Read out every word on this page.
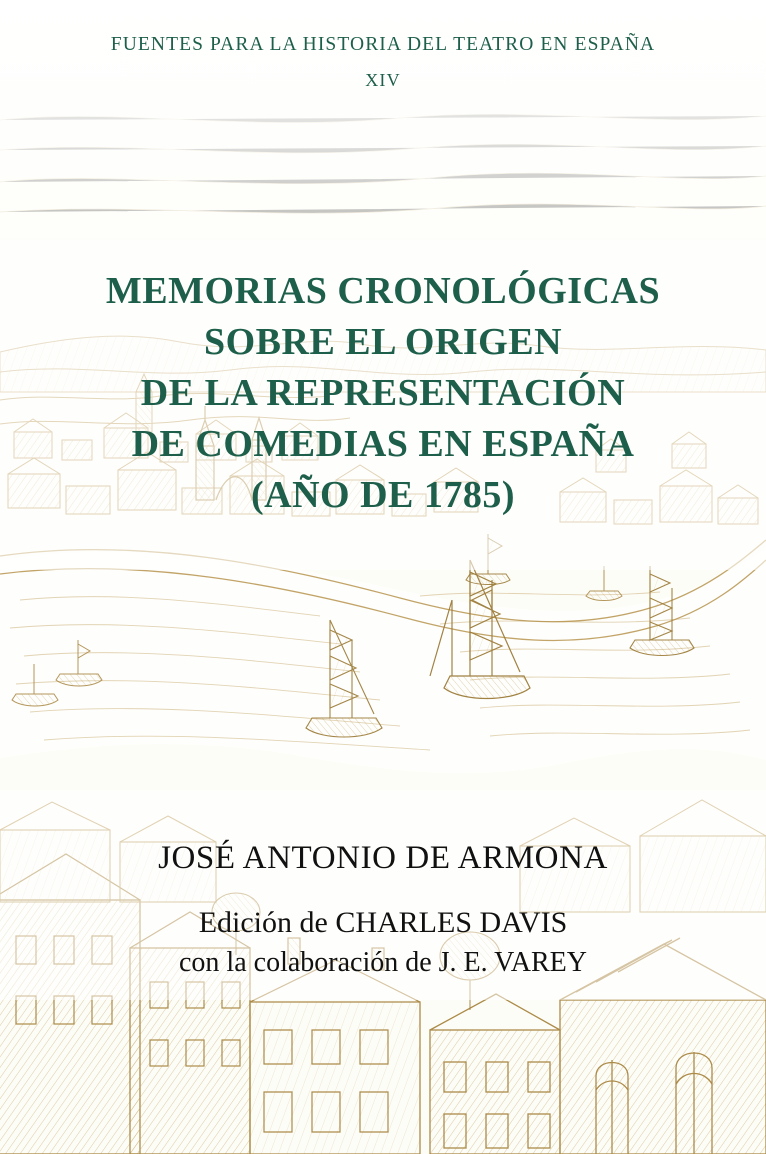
FUENTES PARA LA HISTORIA DEL TEATRO EN ESPAÑA
XIV
MEMORIAS CRONOLÓGICAS
SOBRE EL ORIGEN
DE LA REPRESENTACIÓN
DE COMEDIAS EN ESPAÑA
(AÑO DE 1785)
JOSÉ ANTONIO DE ARMONA
Edición de CHARLES DAVIS
con la colaboración de J. E. VAREY
